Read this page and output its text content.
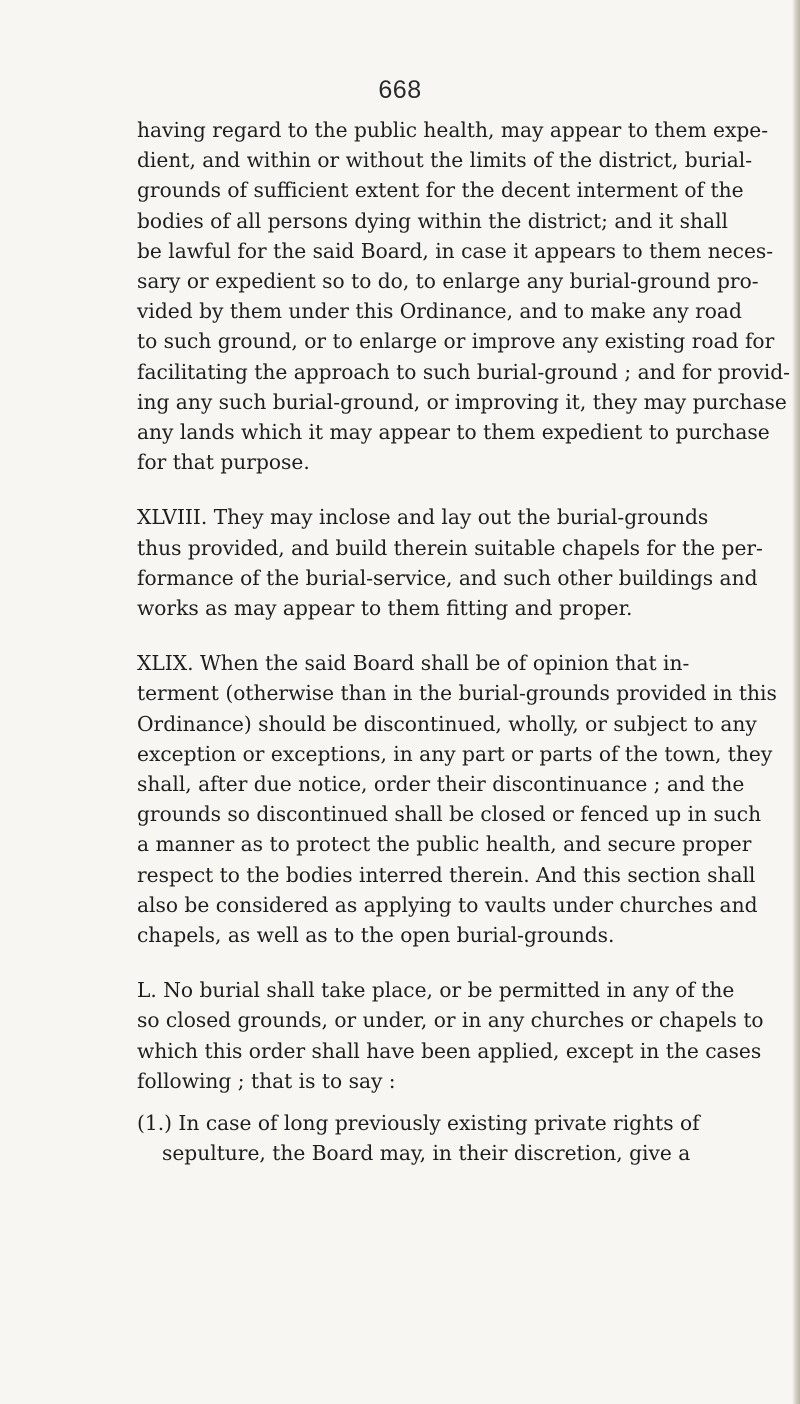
668
having regard to the public health, may appear to them expe-
dient, and within or without the limits of the district, burial-
grounds of sufficient extent for the decent interment of the
bodies of all persons dying within the district; and it shall
be lawful for the said Board, in case it appears to them neces-
sary or expedient so to do, to enlarge any burial-ground pro-
vided by them under this Ordinance, and to make any road
to such ground, or to enlarge or improve any existing road for
facilitating the approach to such burial-ground ; and for provid-
ing any such burial-ground, or improving it, they may purchase
any lands which it may appear to them expedient to purchase
for that purpose.
XLVIII. They may inclose and lay out the burial-grounds
thus provided, and build therein suitable chapels for the per-
formance of the burial-service, and such other buildings and
works as may appear to them fitting and proper.
XLIX. When the said Board shall be of opinion that in-
terment (otherwise than in the burial-grounds provided in this
Ordinance) should be discontinued, wholly, or subject to any
exception or exceptions, in any part or parts of the town, they
shall, after due notice, order their discontinuance ; and the
grounds so discontinued shall be closed or fenced up in such
a manner as to protect the public health, and secure proper
respect to the bodies interred therein. And this section shall
also be considered as applying to vaults under churches and
chapels, as well as to the open burial-grounds.
L. No burial shall take place, or be permitted in any of the
so closed grounds, or under, or in any churches or chapels to
which this order shall have been applied, except in the cases
following ; that is to say :
(1.) In case of long previously existing private rights of
sepulture, the Board may, in their discretion, give a
